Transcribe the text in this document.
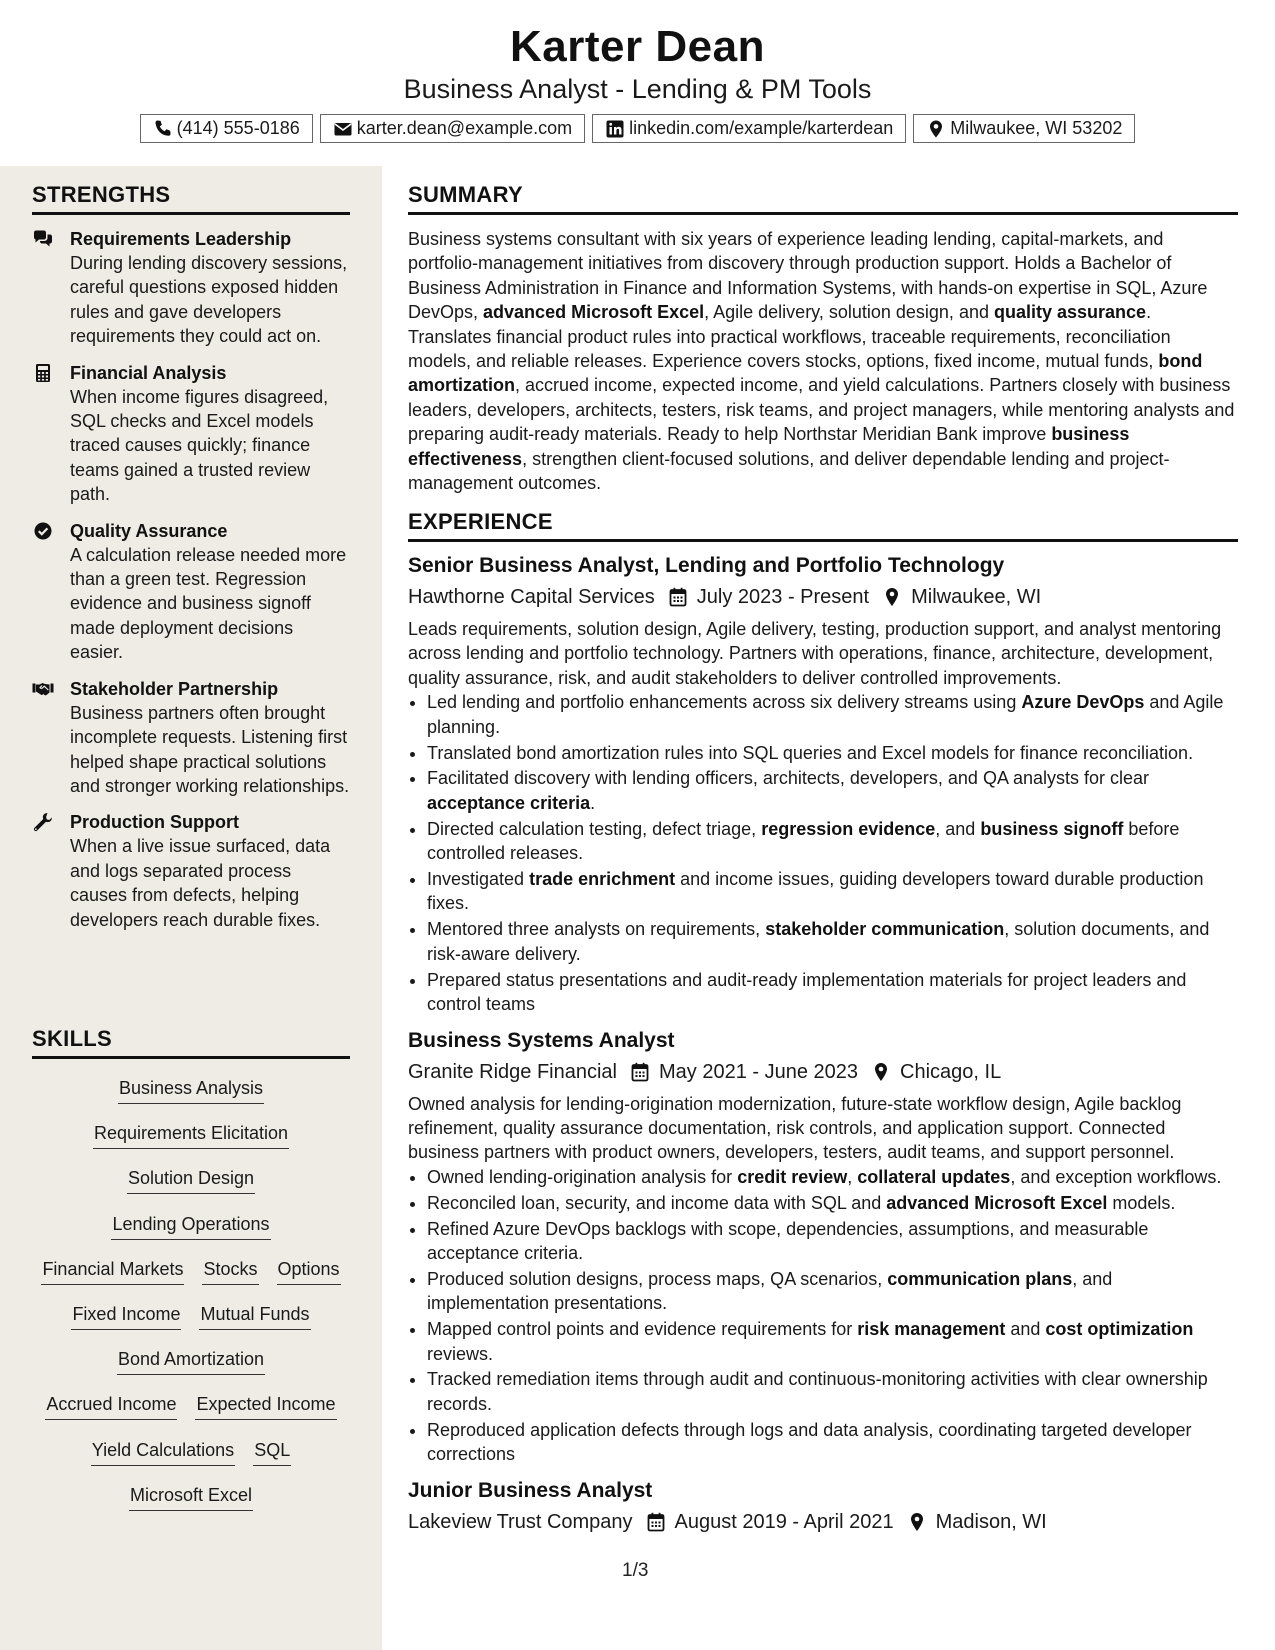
Karter Dean
Business Analyst - Lending & PM Tools
(414) 555-0186	karter.dean@example.com	linkedin.com/example/karterdean	Milwaukee, WI 53202
STRENGTHS
Requirements Leadership
During lending discovery sessions, careful questions exposed hidden rules and gave developers requirements they could act on.
Financial Analysis
When income figures disagreed, SQL checks and Excel models traced causes quickly; finance teams gained a trusted review path.
Quality Assurance
A calculation release needed more than a green test. Regression evidence and business signoff made deployment decisions easier.
Stakeholder Partnership
Business partners often brought incomplete requests. Listening first helped shape practical solutions and stronger working relationships.
Production Support
When a live issue surfaced, data and logs separated process causes from defects, helping developers reach durable fixes.
SKILLS
Business Analysis
Requirements Elicitation
Solution Design
Lending Operations
Financial Markets Stocks Options
Fixed Income Mutual Funds
Bond Amortization
Accrued Income Expected Income
Yield Calculations SQL
Microsoft Excel
SUMMARY

Business systems consultant with six years of experience leading lending, capital-markets, and portfolio-management initiatives from discovery through production support. Holds a Bachelor of Business Administration in Finance and Information Systems, with hands-on expertise in SQL, Azure DevOps, advanced Microsoft Excel, Agile delivery, solution design, and quality assurance. Translates financial product rules into practical workflows, traceable requirements, reconciliation models, and reliable releases. Experience covers stocks, options, fixed income, mutual funds, bond amortization, accrued income, expected income, and yield calculations. Partners closely with business leaders, developers, architects, testers, risk teams, and project managers, while mentoring analysts and preparing audit-ready materials. Ready to help Northstar Meridian Bank improve business effectiveness, strengthen client-focused solutions, and deliver dependable lending and project-management outcomes.

EXPERIENCE
Senior Business Analyst, Lending and Portfolio Technology
Hawthorne Capital Services July 2023 - Present Milwaukee, WI

Leads requirements, solution design, Agile delivery, testing, production support, and analyst mentoring across lending and portfolio technology. Partners with operations, finance, architecture, development, quality assurance, risk, and audit stakeholders to deliver controlled improvements.

• Led lending and portfolio enhancements across six delivery streams using Azure DevOps and Agile planning.
• Translated bond amortization rules into SQL queries and Excel models for finance reconciliation.
• Facilitated discovery with lending officers, architects, developers, and QA analysts for clear acceptance criteria.
• Directed calculation testing, defect triage, regression evidence, and business signoff before controlled releases.
• Investigated trade enrichment and income issues, guiding developers toward durable production fixes.
• Mentored three analysts on requirements, stakeholder communication, solution documents, and risk-aware delivery.
• Prepared status presentations and audit-ready implementation materials for project leaders and control teams
Business Systems Analyst
Granite Ridge Financial May 2021 - June 2023 Chicago, IL

Owned analysis for lending-origination modernization, future-state workflow design, Agile backlog refinement, quality assurance documentation, risk controls, and application support. Connected business partners with product owners, developers, testers, audit teams, and support personnel.

• Owned lending-origination analysis for credit review, collateral updates, and exception workflows.
• Reconciled loan, security, and income data with SQL and advanced Microsoft Excel models.
• Refined Azure DevOps backlogs with scope, dependencies, assumptions, and measurable acceptance criteria.
• Produced solution designs, process maps, QA scenarios, communication plans, and implementation presentations.
• Mapped control points and evidence requirements for risk management and cost optimization reviews.
• Tracked remediation items through audit and continuous-monitoring activities with clear ownership records.
• Reproduced application defects through logs and data analysis, coordinating targeted developer corrections
Junior Business Analyst
Lakeview Trust Company August 2019 - April 2021 Madison, WI
1/3
